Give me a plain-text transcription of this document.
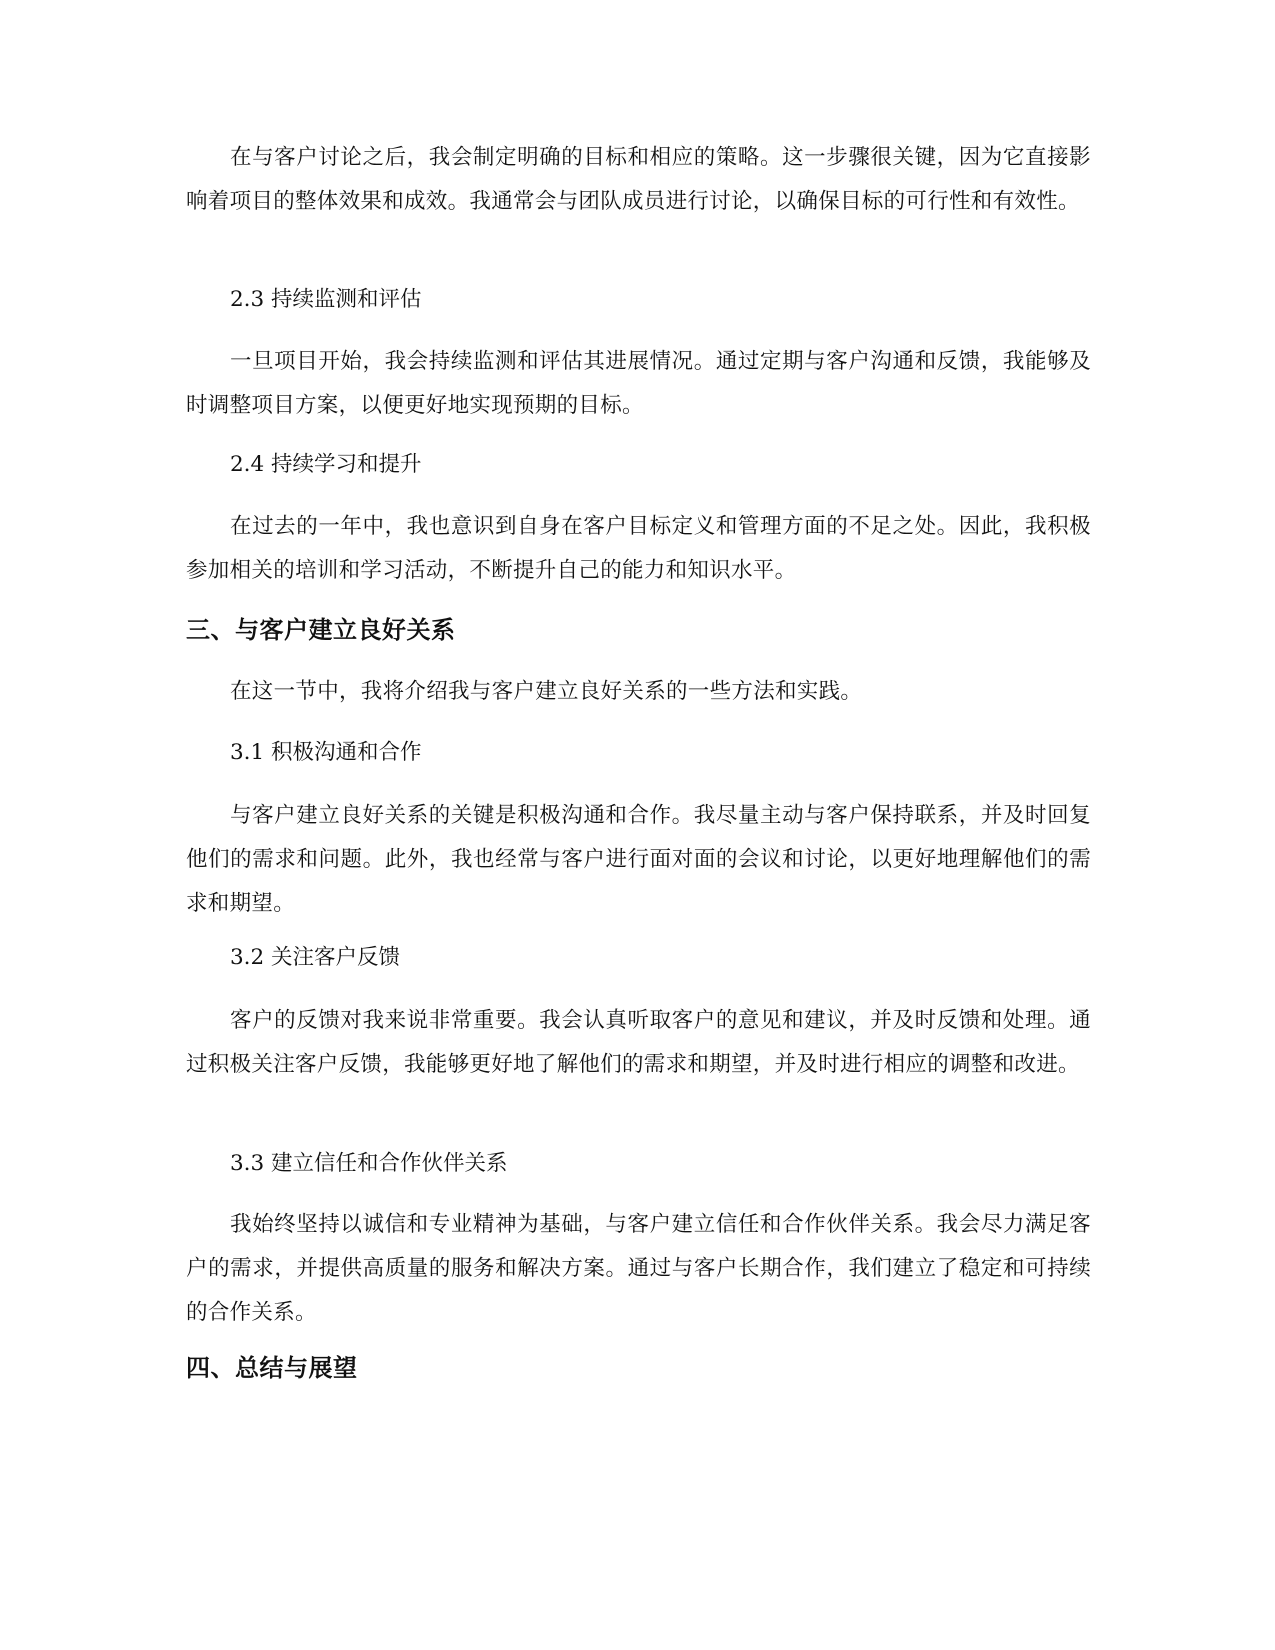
在与客户讨论之后，我会制定明确的目标和相应的策略。这一步骤很关键，因为它直接影响着项目的整体效果和成效。我通常会与团队成员进行讨论，以确保目标的可行性和有效性。

2.3 持续监测和评估

一旦项目开始，我会持续监测和评估其进展情况。通过定期与客户沟通和反馈，我能够及时调整项目方案，以便更好地实现预期的目标。

2.4 持续学习和提升

在过去的一年中，我也意识到自身在客户目标定义和管理方面的不足之处。因此，我积极参加相关的培训和学习活动，不断提升自己的能力和知识水平。

三、与客户建立良好关系

在这一节中，我将介绍我与客户建立良好关系的一些方法和实践。

3.1 积极沟通和合作

与客户建立良好关系的关键是积极沟通和合作。我尽量主动与客户保持联系，并及时回复他们的需求和问题。此外，我也经常与客户进行面对面的会议和讨论，以更好地理解他们的需求和期望。

3.2 关注客户反馈

客户的反馈对我来说非常重要。我会认真听取客户的意见和建议，并及时反馈和处理。通过积极关注客户反馈，我能够更好地了解他们的需求和期望，并及时进行相应的调整和改进。

3.3 建立信任和合作伙伴关系

我始终坚持以诚信和专业精神为基础，与客户建立信任和合作伙伴关系。我会尽力满足客户的需求，并提供高质量的服务和解决方案。通过与客户长期合作，我们建立了稳定和可持续的合作关系。

四、总结与展望
